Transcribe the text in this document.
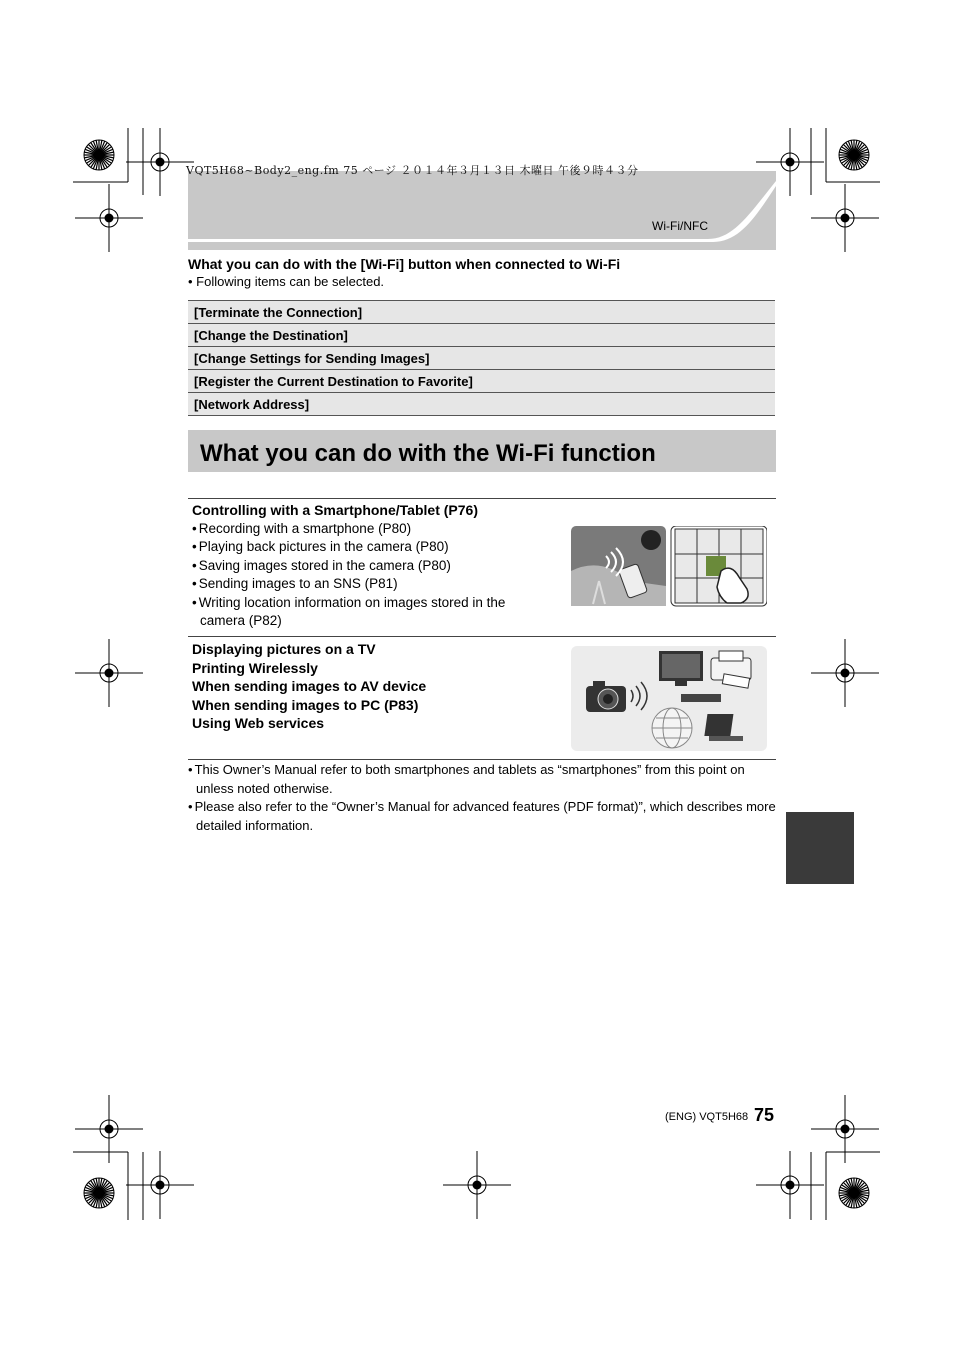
VQT5H68~Body2_eng.fm 75 ページ ２０１４年３月１３日 木曜日 午後９時４３分
Wi-Fi/NFC
What you can do with the [Wi-Fi] button when connected to Wi-Fi
• Following items can be selected.
[Terminate the Connection]
[Change the Destination]
[Change Settings for Sending Images]
[Register the Current Destination to Favorite]
[Network Address]
What you can do with the Wi-Fi function
Controlling with a Smartphone/Tablet (P76)
• Recording with a smartphone (P80)
• Playing back pictures in the camera (P80)
• Saving images stored in the camera (P80)
• Sending images to an SNS (P81)
• Writing location information on images stored in the camera (P82)
Displaying pictures on a TV
Printing Wirelessly
When sending images to AV device
When sending images to PC (P83)
Using Web services
• This Owner’s Manual refer to both smartphones and tablets as “smartphones” from this point on unless noted otherwise.
• Please also refer to the “Owner’s Manual for advanced features (PDF format)”, which describes more detailed information.
(ENG) VQT5H68 75
